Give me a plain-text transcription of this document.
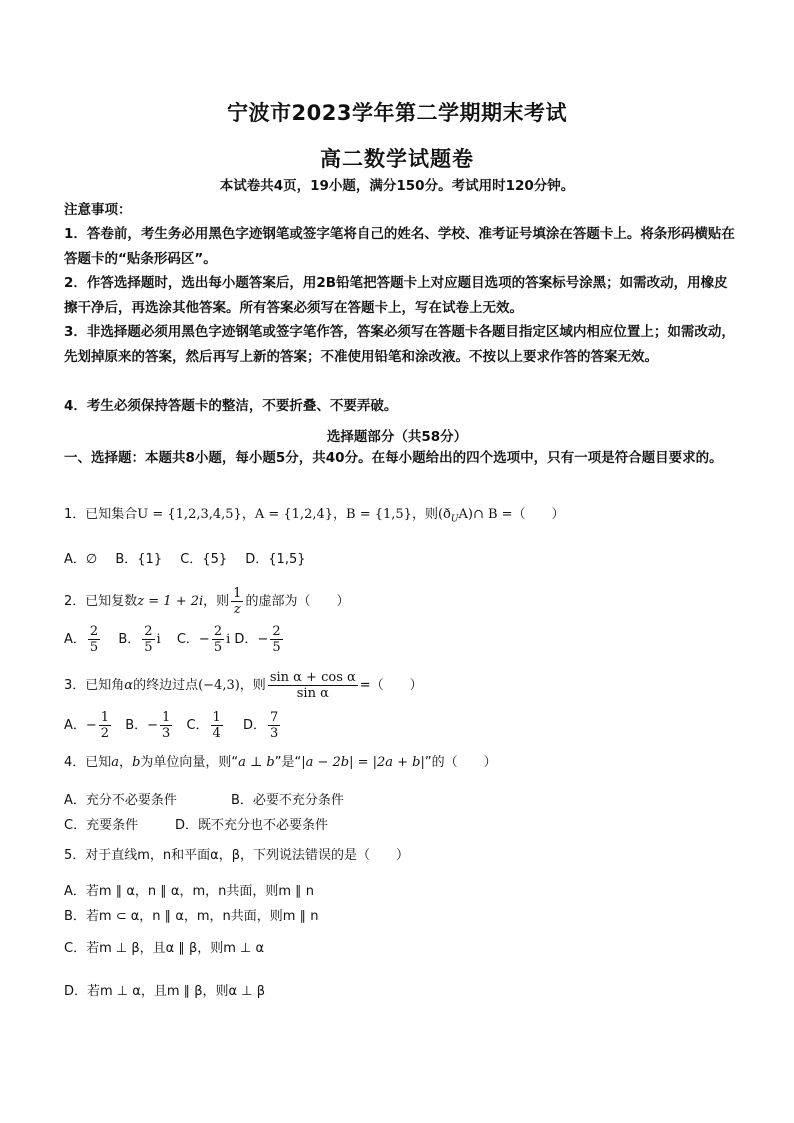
宁波市2023学年第二学期期末考试
高二数学试题卷
本试卷共4页，19小题，满分150分。考试用时120分钟。
注意事项：
1．答卷前，考生务必用黑色字迹钢笔或签字笔将自己的姓名、学校、准考证号填涂在答题卡上。将条形码横贴在答题卡的“贴条形码区”。
2．作答选择题时，选出每小题答案后，用2B铅笔把答题卡上对应题目选项的答案标号涂黑；如需改动，用橡皮擦干净后，再选涂其他答案。所有答案必须写在答题卡上，写在试卷上无效。
3．非选择题必须用黑色字迹钢笔或签字笔作答，答案必须写在答题卡各题目指定区域内相应位置上；如需改动，先划掉原来的答案，然后再写上新的答案；不准使用铅笔和涂改液。不按以上要求作答的答案无效。
4．考生必须保持答题卡的整洁，不要折叠、不要弄破。
选择题部分（共58分）
一、选择题：本题共8小题，每小题5分，共40分。在每小题给出的四个选项中，只有一项是符合题目要求的。
1．已知集合U = {1,2,3,4,5}，A = {1,2,4}，B = {1,5}，则$(ð_UA)\cap$ B =（　　）
A．∅ B．{1} C．{5} D．{1,5}
2．已知复数z = 1 + 2i，则 $\frac{1}{z}$ 的虚部为（　　）
A． $\frac{2}{5}$ B． $\frac{2}{5}$ i C．− $\frac{2}{5}$ i D．− $\frac{2}{5}$
3．已知角α的终边过点(−4,3)，则 $\frac{\text{sin α + cos α}}{\text{sin α}}$ =（　　）
A．− $\frac{1}{2}$ B．− $\frac{1}{3}$ C． $\frac{1}{4}$ D． $\frac{7}{3}$
4．已知a，b为单位向量，则“a ⊥ b”是“|a − 2b| = |2a + b|”的（　　）
A．充分不必要条件	B．必要不充分条件
C．充要条件	D．既不充分也不必要条件
5．对于直线m，n和平面α，β，下列说法错误的是（　　）
A．若m ∥ α，n ∥ α，m，n共面，则m ∥ n
B．若m ⊂ α，n ∥ α，m，n共面，则m ∥ n
C．若m ⊥ β，且α ∥ β，则m ⊥ α
D．若m ⊥ α，且m ∥ β，则α ⊥ β
